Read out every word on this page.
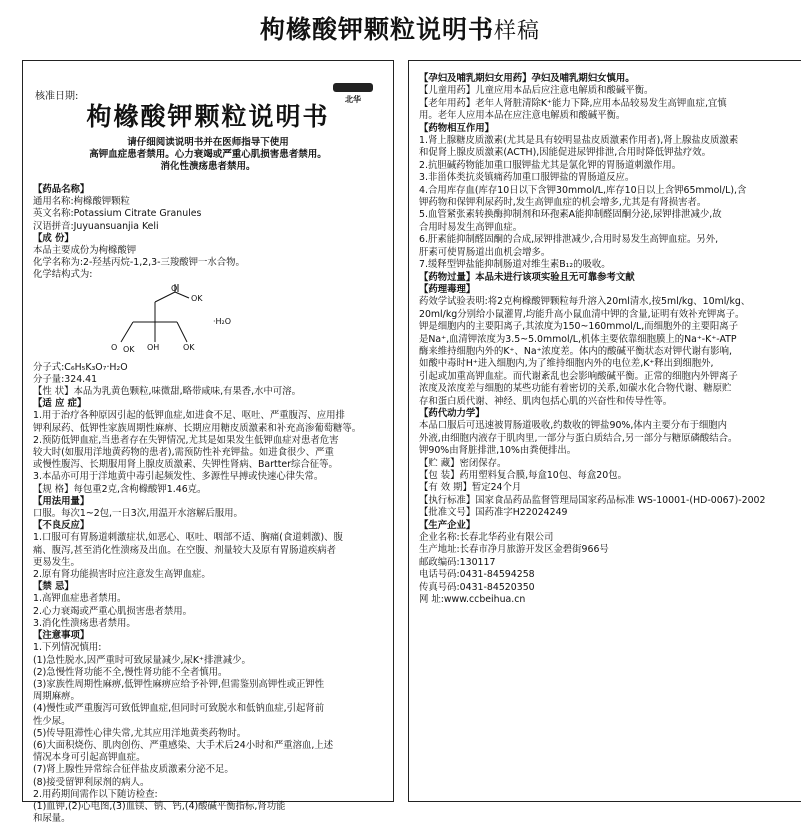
枸橼酸钾颗粒说明书样稿
核准日期:	北华
枸橼酸钾颗粒说明书
请仔细阅读说明书并在医师指导下使用
高钾血症患者禁用。心力衰竭或严重心肌损害患者禁用。
消化性溃疡患者禁用。
【药品名称】
通用名称:枸橼酸钾颗粒
英文名称:Potassium Citrate Granules
汉语拼音:Juyuansuanjia Keli
【成 份】
本品主要成份为枸橼酸钾
化学名称为:2-羟基丙烷-1,2,3-三羧酸钾一水合物。
化学结构式为:
OK
O
O OK OH	OK
·H₂O
分子式:C₆H₅K₃O₇·H₂O
分子量:324.41
【性 状】本品为乳黄色颗粒,味微甜,略带咸味,有果香,水中可溶。
【适 应 症】
1.用于治疗各种原因引起的低钾血症,如进食不足、呕吐、严重腹泻、应用排
钾利尿药、低钾性家族周期性麻痹、长期应用糖皮质激素和补充高渗葡萄糖等。
2.预防低钾血症,当患者存在失钾情况,尤其是如果发生低钾血症对患者危害
较大时(如服用洋地黄药物的患者),需预防性补充钾盐。如进食很少、严重
或慢性腹泻、长期服用肾上腺皮质激素、失钾性肾病、Bartter综合征等。
3.本品亦可用于洋地黄中毒引起频发性、多源性早搏或快速心律失常。
【规 格】每包重2克,含枸橼酸钾1.46克。
【用法用量】
口服。每次1~2包,一日3次,用温开水溶解后服用。
【不良反应】
1.口服可有胃肠道刺激症状,如恶心、呕吐、咽部不适、胸痛(食道刺激)、腹
痛、腹泻,甚至消化性溃疡及出血。在空腹、剂量较大及原有胃肠道疾病者
更易发生。
2.原有肾功能损害时应注意发生高钾血症。
【禁 忌】
1.高钾血症患者禁用。
2.心力衰竭或严重心肌损害患者禁用。
3.消化性溃疡患者禁用。
【注意事项】
1.下列情况慎用:
(1)急性脱水,因严重时可致尿量减少,尿K⁺排泄减少。
(2)急慢性肾功能不全,慢性肾功能不全者慎用。
(3)家族性周期性麻痹,低钾性麻痹应给予补钾,但需鉴别高钾性或正钾性
周期麻痹。
(4)慢性或严重腹泻可致低钾血症,但同时可致脱水和低钠血症,引起肾前
性少尿。
(5)传导阻滞性心律失常,尤其应用洋地黄类药物时。
(6)大面积烧伤、肌肉创伤、严重感染、大手术后24小时和严重溶血,上述
情况本身可引起高钾血症。
(7)肾上腺性异常综合征伴盐皮质激素分泌不足。
(8)接受留钾利尿剂的病人。
2.用药期间需作以下随访检查:
(1)血钾,(2)心电图,(3)血镁、钠、钙,(4)酸碱平衡指标,肾功能
和尿量。
【孕妇及哺乳期妇女用药】孕妇及哺乳期妇女慎用。
【儿童用药】儿童应用本品后应注意电解质和酸碱平衡。
【老年用药】老年人肾脏清除K⁺能力下降,应用本品较易发生高钾血症,宜慎
用。老年人应用本品在应注意电解质和酸碱平衡。
【药物相互作用】
1.肾上腺糖皮质激素(尤其是具有较明显盐皮质激素作用者),肾上腺盐皮质激素
和促肾上腺皮质激素(ACTH),因能促进尿钾排泄,合用时降低钾盐疗效。
2.抗胆碱药物能加重口服钾盐尤其是氯化钾的胃肠道刺激作用。
3.非甾体类抗炎镇痛药加重口服钾盐的胃肠道反应。
4.合用库存血(库存10日以下含钾30mmol/L,库存10日以上含钾65mmol/L),含
钾药物和保钾利尿药时,发生高钾血症的机会增多,尤其是有肾损害者。
5.血管紧张素转换酶抑制剂和环孢素A能抑制醛固酮分泌,尿钾排泄减少,故
合用时易发生高钾血症。
6.肝素能抑制醛固酮的合成,尿钾排泄减少,合用时易发生高钾血症。另外,
肝素可使胃肠道出血机会增多。
7.缓释型钾盐能抑制肠道对维生素B₁₂的吸收。
【药物过量】本品未进行该项实验且无可靠参考文献
【药理毒理】
药效学试验表明:将2克枸橼酸钾颗粒每升溶入20ml清水,按5ml/kg、10ml/kg、
20ml/kg分别给小鼠灌胃,均能升高小鼠血清中钾的含量,证明有效补充钾离子。
钾是细胞内的主要阳离子,其浓度为150~160mmol/L,而细胞外的主要阳离子
是Na⁺,血清钾浓度为3.5~5.0mmol/L,机体主要依靠细胞膜上的Na⁺-K⁺-ATP
酶来维持细胞内外的K⁺、Na⁺浓度差。体内的酸碱平衡状态对钾代谢有影响,
如酸中毒时H⁺进入细胞内,为了维持细胞内外的电位差,K⁺释出到细胞外,
引起或加重高钾血症。而代谢紊乱也会影响酸碱平衡。正常的细胞内外钾离子
浓度及浓度差与细胞的某些功能有着密切的关系,如碳水化合物代谢、糖原贮
存和蛋白质代谢、神经、肌肉包括心肌的兴奋性和传导性等。
【药代动力学】
本品口服后可迅速被胃肠道吸收,约数收的钾盐90%,体内主要分布于细胞内
外液,由细胞内液存于肌肉里,一部分与蛋白质结合,另一部分与糖原磷酸结合。
钾90%由肾脏排泄,10%由粪便排出。
【贮 藏】密闭保存。
【包 装】药用塑料复合膜,每盒10包、每盒20包。
【有 效 期】暂定24个月
【执行标准】国家食品药品监督管理局国家药品标准 WS-10001-(HD-0067)-2002
【批准文号】国药准字H22024249
【生产企业】
企业名称:长春北华药业有限公司
生产地址:长春市净月旅游开发区金碧街966号
邮政编码:130117
电话号码:0431-84594258
传真号码:0431-84520350
网 址:www.ccbeihua.cn
